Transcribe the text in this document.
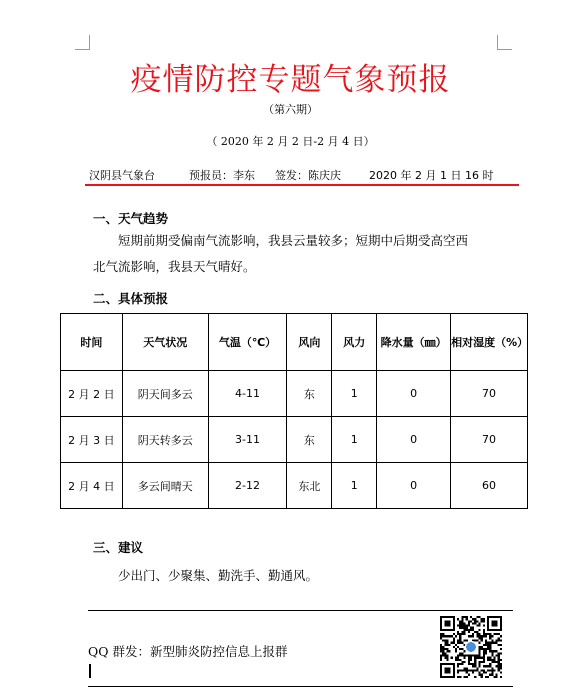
疫情防控专题气象预报
（第六期）
（ 2020 年 2 月 2 日-2 月 4 日）
汉阴县气象台	预报员：李东 签发：陈庆庆	2020 年 2 月 1 日 16 时
一、天气趋势
短期前期受偏南气流影响，我县云量较多；短期中后期受高空西
北气流影响，我县天气晴好。
二、具体预报
时间	天气状况	气温（℃）	风向	风力	降水量（㎜）	相对湿度（%）
2 月 2 日	阴天间多云	4-11	东	1	0	70
2 月 3 日	阴天转多云	3-11	东	1	0	70
2 月 4 日	多云间晴天	2-12	东北	1	0	60
三、建议
少出门、少聚集、勤洗手、勤通风。
QQ 群发：新型肺炎防控信息上报群
